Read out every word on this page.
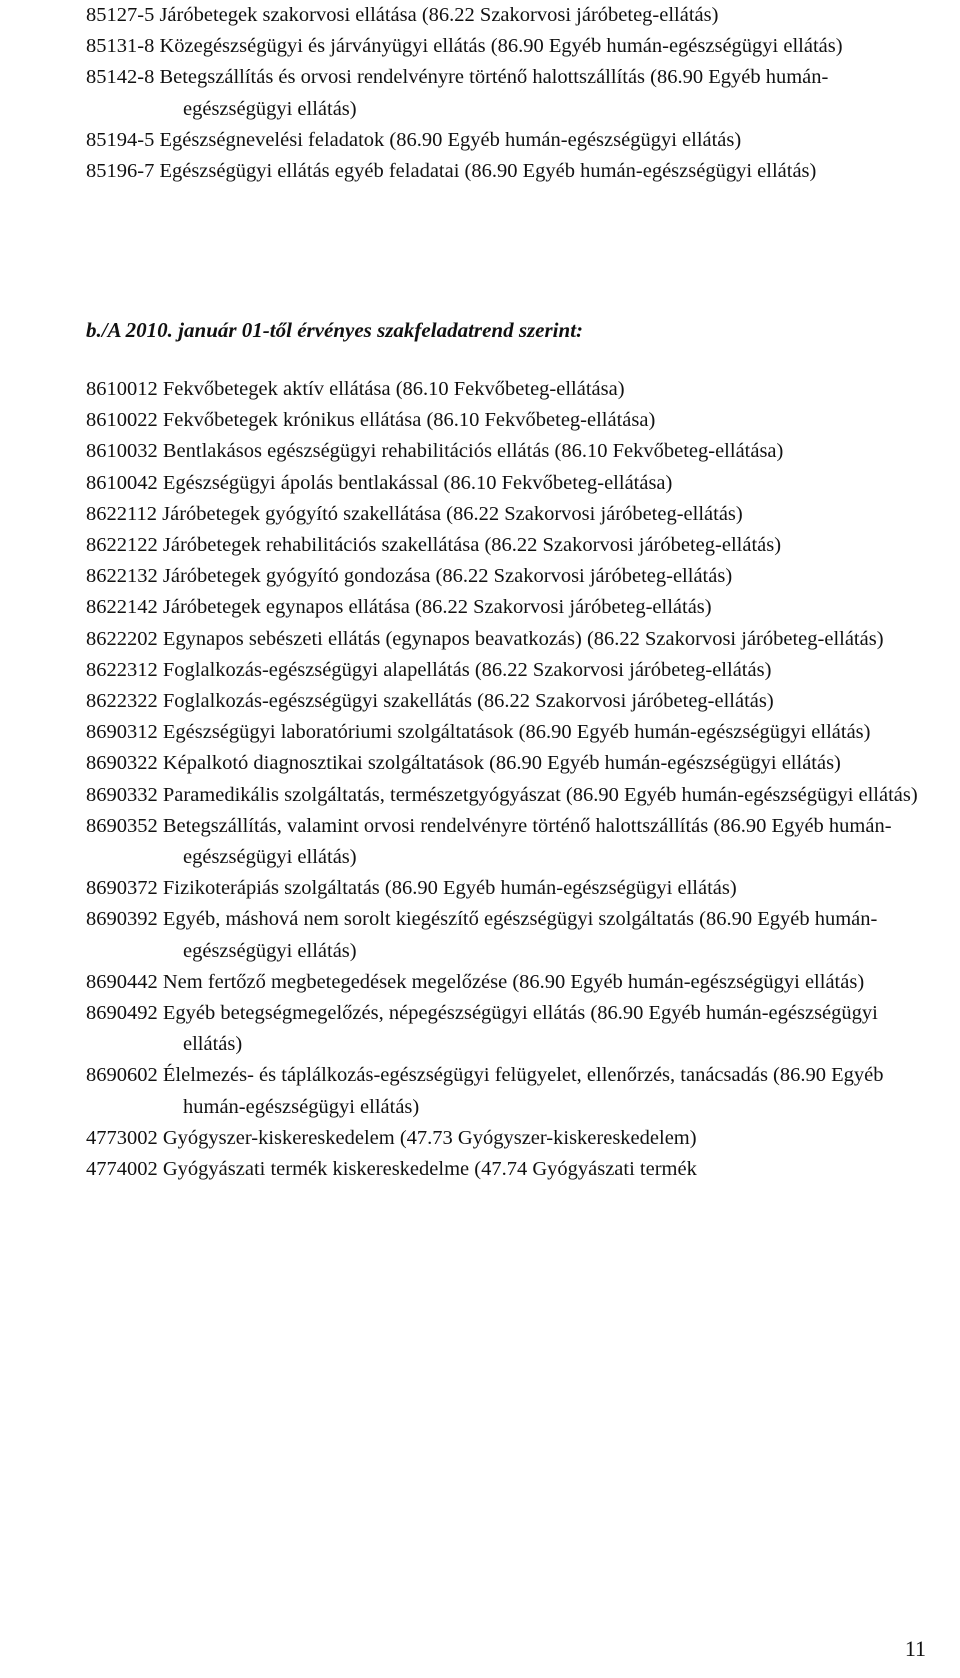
85127-5 Járóbetegek szakorvosi ellátása (86.22 Szakorvosi járóbeteg-ellátás)
85131-8 Közegészségügyi és járványügyi ellátás (86.90 Egyéb humán-egészségügyi ellátás)
85142-8 Betegszállítás és orvosi rendelvényre történő halottszállítás (86.90 Egyéb humán-egészségügyi ellátás)
85194-5 Egészségnevelési feladatok (86.90 Egyéb humán-egészségügyi ellátás)
85196-7 Egészségügyi ellátás egyéb feladatai (86.90 Egyéb humán-egészségügyi ellátás)
b./A 2010. január 01-től érvényes szakfeladatrend szerint:
8610012 Fekvőbetegek aktív ellátása (86.10 Fekvőbeteg-ellátása)
8610022 Fekvőbetegek krónikus ellátása (86.10 Fekvőbeteg-ellátása)
8610032 Bentlakásos egészségügyi rehabilitációs ellátás (86.10 Fekvőbeteg-ellátása)
8610042 Egészségügyi ápolás bentlakással (86.10 Fekvőbeteg-ellátása)
8622112 Járóbetegek gyógyító szakellátása (86.22 Szakorvosi járóbeteg-ellátás)
8622122 Járóbetegek rehabilitációs szakellátása (86.22 Szakorvosi járóbeteg-ellátás)
8622132 Járóbetegek gyógyító gondozása (86.22 Szakorvosi járóbeteg-ellátás)
8622142 Járóbetegek egynapos ellátása (86.22 Szakorvosi járóbeteg-ellátás)
8622202 Egynapos sebészeti ellátás (egynapos beavatkozás) (86.22 Szakorvosi járóbeteg-ellátás)
8622312 Foglalkozás-egészségügyi alapellátás (86.22 Szakorvosi járóbeteg-ellátás)
8622322 Foglalkozás-egészségügyi szakellátás (86.22 Szakorvosi járóbeteg-ellátás)
8690312 Egészségügyi laboratóriumi szolgáltatások (86.90 Egyéb humán-egészségügyi ellátás)
8690322 Képalkotó diagnosztikai szolgáltatások (86.90 Egyéb humán-egészségügyi ellátás)
8690332 Paramedikális szolgáltatás, természetgyógyászat (86.90 Egyéb humán-egészségügyi ellátás)
8690352 Betegszállítás, valamint orvosi rendelvényre történő halottszállítás (86.90 Egyéb humán-egészségügyi ellátás)
8690372 Fizikoterápiás szolgáltatás (86.90 Egyéb humán-egészségügyi ellátás)
8690392 Egyéb, máshová nem sorolt kiegészítő egészségügyi szolgáltatás (86.90 Egyéb humán-egészségügyi ellátás)
8690442 Nem fertőző megbetegedések megelőzése (86.90 Egyéb humán-egészségügyi ellátás)
8690492 Egyéb betegségmegelőzés, népegészségügyi ellátás (86.90 Egyéb humán-egészségügyi ellátás)
8690602 Élelmezés- és táplálkozás-egészségügyi felügyelet, ellenőrzés, tanácsadás (86.90 Egyéb humán-egészségügyi ellátás)
4773002 Gyógyszer-kiskereskedelem (47.73 Gyógyszer-kiskereskedelem)
4774002 Gyógyászati termék kiskereskedelme (47.74 Gyógyászati termék
11
